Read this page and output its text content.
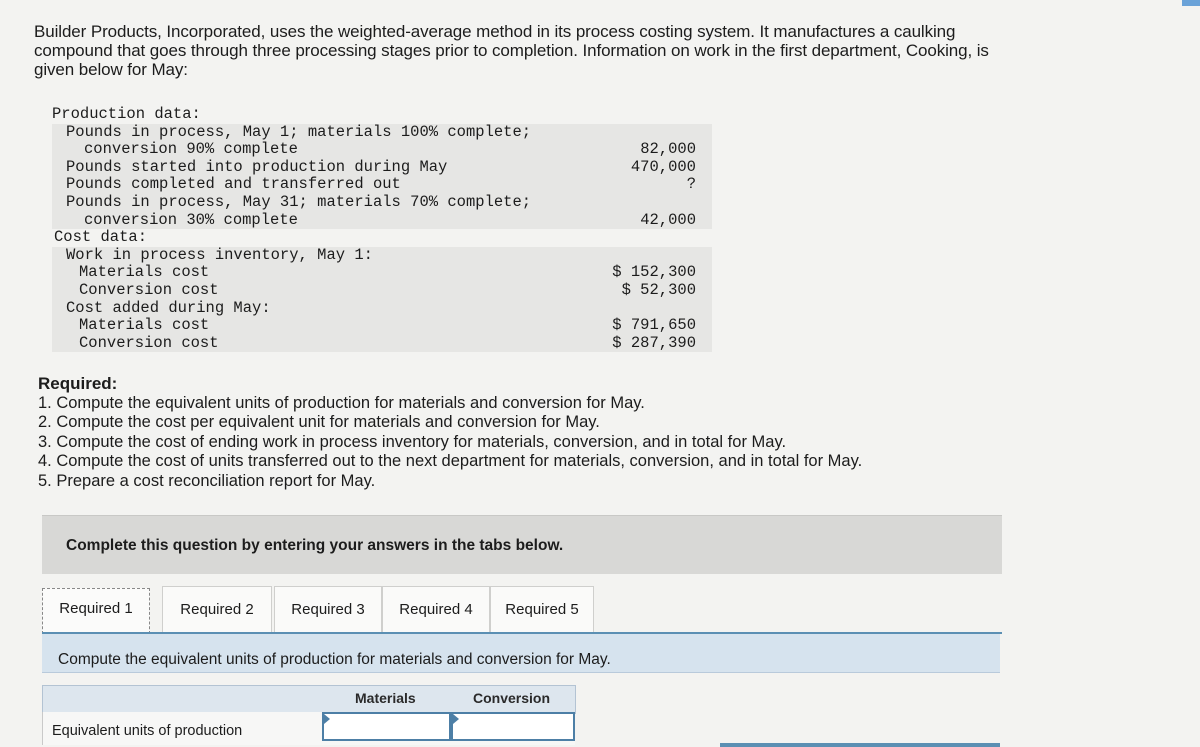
Builder Products, Incorporated, uses the weighted-average method in its process costing system. It manufactures a caulking
compound that goes through three processing stages prior to completion. Information on work in the first department, Cooking, is
given below for May:
Production data:
Pounds in process, May 1; materials 100% complete;
conversion 90% complete	82,000
Pounds started into production during May	470,000
Pounds completed and transferred out	?
Pounds in process, May 31; materials 70% complete;
conversion 30% complete	42,000
Cost data:
Work in process inventory, May 1:
Materials cost	$ 152,300
Conversion cost	$ 52,300
Cost added during May:
Materials cost	$ 791,650
Conversion cost	$ 287,390
Required:
1. Compute the equivalent units of production for materials and conversion for May.
2. Compute the cost per equivalent unit for materials and conversion for May.
3. Compute the cost of ending work in process inventory for materials, conversion, and in total for May.
4. Compute the cost of units transferred out to the next department for materials, conversion, and in total for May.
5. Prepare a cost reconciliation report for May.
Complete this question by entering your answers in the tabs below.
Required 1	Required 2	Required 3	Required 4	Required 5
Compute the equivalent units of production for materials and conversion for May.
Materials	Conversion
Equivalent units of production
